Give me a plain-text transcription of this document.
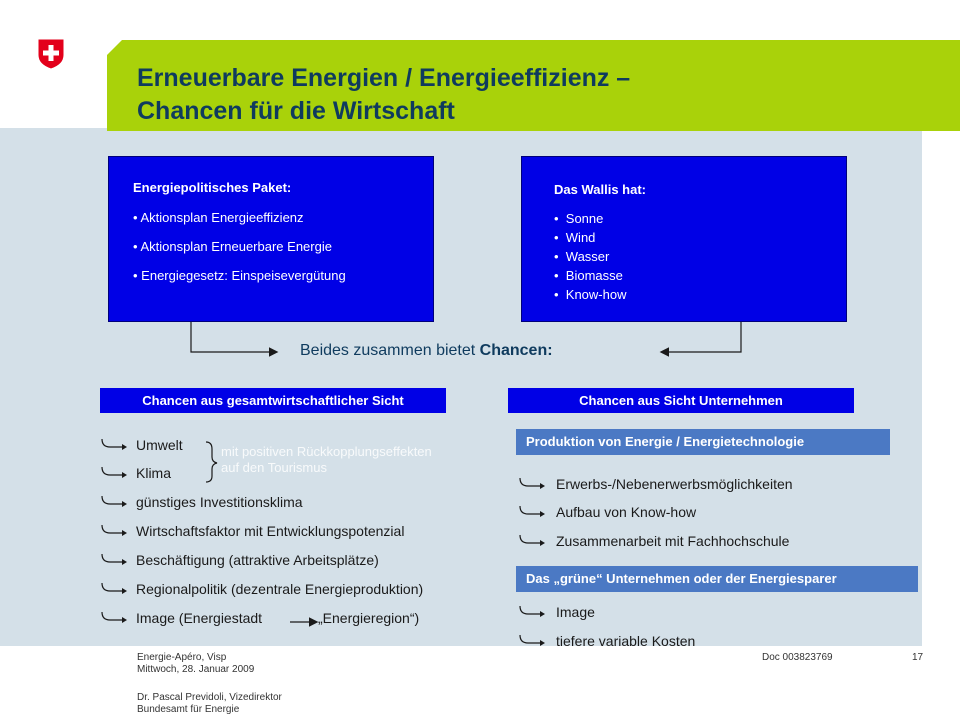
Erneuerbare Energien / Energieeffizienz –
Chancen für die Wirtschaft
Energiepolitisches Paket:
• Aktionsplan Energieeffizienz
• Aktionsplan Erneuerbare Energie
• Energiegesetz: Einspeisevergütung
Das Wallis hat:
•  Sonne
•  Wind
•  Wasser
•  Biomasse
•  Know-how
Beides zusammen bietet Chancen:
Chancen aus gesamtwirtschaftlicher Sicht
mit positiven Rückkopplungseffekten
auf den Tourismus
Umwelt
Klima
günstiges Investitionsklima
Wirtschaftsfaktor mit Entwicklungspotenzial
Beschäftigung (attraktive Arbeitsplätze)
Regionalpolitik (dezentrale Energieproduktion)
Image (Energiestadt	„Energieregion“)
Chancen aus Sicht Unternehmen
Produktion von Energie / Energietechnologie
Erwerbs-/Nebenerwerbsmöglichkeiten
Aufbau von Know-how
Zusammenarbeit mit Fachhochschule
Das „grüne“ Unternehmen oder der Energiesparer
Image
tiefere variable Kosten
Energie-Apéro, Visp
Mittwoch, 28. Januar 2009
Dr. Pascal Previdoli, Vizedirektor
Bundesamt für Energie
Doc 003823769	17
